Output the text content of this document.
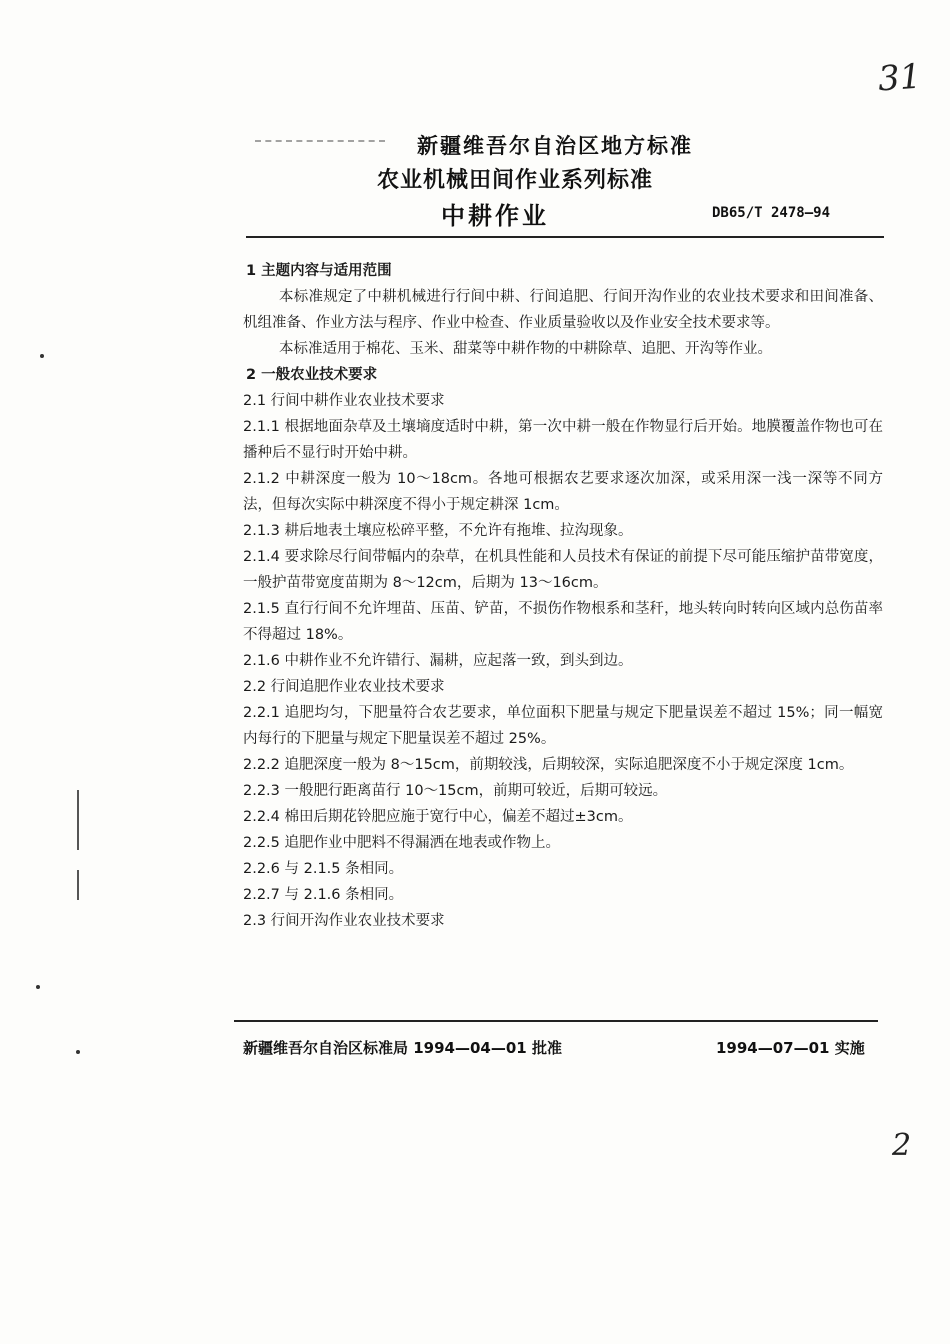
31
2
新疆维吾尔自治区地方标准
农业机械田间作业系列标准
中耕作业	DB65/T 2478—94
1 主题内容与适用范围
本标准规定了中耕机械进行行间中耕、行间追肥、行间开沟作业的农业技术要求和田间准备、机组准备、作业方法与程序、作业中检查、作业质量验收以及作业安全技术要求等。
本标准适用于棉花、玉米、甜菜等中耕作物的中耕除草、追肥、开沟等作业。
2 一般农业技术要求
2.1 行间中耕作业农业技术要求
2.1.1 根据地面杂草及土壤墒度适时中耕，第一次中耕一般在作物显行后开始。地膜覆盖作物也可在播种后不显行时开始中耕。
2.1.2 中耕深度一般为 10～18cm。各地可根据农艺要求逐次加深，或采用深一浅一深等不同方法，但每次实际中耕深度不得小于规定耕深 1cm。
2.1.3 耕后地表土壤应松碎平整，不允许有拖堆、拉沟现象。
2.1.4 要求除尽行间带幅内的杂草，在机具性能和人员技术有保证的前提下尽可能压缩护苗带宽度，一般护苗带宽度苗期为 8～12cm，后期为 13～16cm。
2.1.5 直行行间不允许埋苗、压苗、铲苗，不损伤作物根系和茎秆，地头转向时转向区域内总伤苗率不得超过 18%。
2.1.6 中耕作业不允许错行、漏耕，应起落一致，到头到边。
2.2 行间追肥作业农业技术要求
2.2.1 追肥均匀，下肥量符合农艺要求，单位面积下肥量与规定下肥量误差不超过 15%；同一幅宽内每行的下肥量与规定下肥量误差不超过 25%。
2.2.2 追肥深度一般为 8～15cm，前期较浅，后期较深，实际追肥深度不小于规定深度 1cm。
2.2.3 一般肥行距离苗行 10～15cm，前期可较近，后期可较远。
2.2.4 棉田后期花铃肥应施于宽行中心，偏差不超过±3cm。
2.2.5 追肥作业中肥料不得漏洒在地表或作物上。
2.2.6 与 2.1.5 条相同。
2.2.7 与 2.1.6 条相同。
2.3 行间开沟作业农业技术要求
新疆维吾尔自治区标准局 1994—04—01 批准	1994—07—01 实施
